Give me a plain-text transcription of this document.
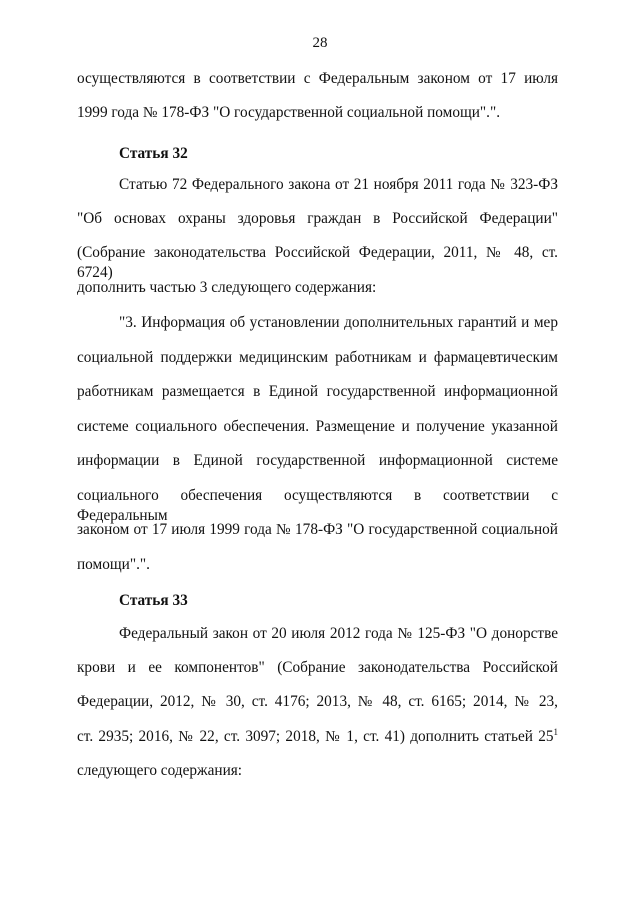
28
осуществляются в соответствии с Федеральным законом от 17 июля
1999 года № 178-ФЗ "О государственной социальной помощи".".
Статья 32
Статью 72 Федерального закона от 21 ноября 2011 года № 323-ФЗ
"Об основах охраны здоровья граждан в Российской Федерации"
(Собрание законодательства Российской Федерации, 2011, № 48, ст. 6724)
дополнить частью 3 следующего содержания:
"3. Информация об установлении дополнительных гарантий и мер
социальной поддержки медицинским работникам и фармацевтическим
работникам размещается в Единой государственной информационной
системе социального обеспечения. Размещение и получение указанной
информации в Единой государственной информационной системе
социального обеспечения осуществляются в соответствии с Федеральным
законом от 17 июля 1999 года № 178-ФЗ "О государственной социальной
помощи".".
Статья 33
Федеральный закон от 20 июля 2012 года № 125-ФЗ "О донорстве
крови и ее компонентов" (Собрание законодательства Российской
Федерации, 2012, № 30, ст. 4176; 2013, № 48, ст. 6165; 2014, № 23,
ст. 2935; 2016, № 22, ст. 3097; 2018, № 1, ст. 41) дополнить статьей $25^1$
следующего содержания:
